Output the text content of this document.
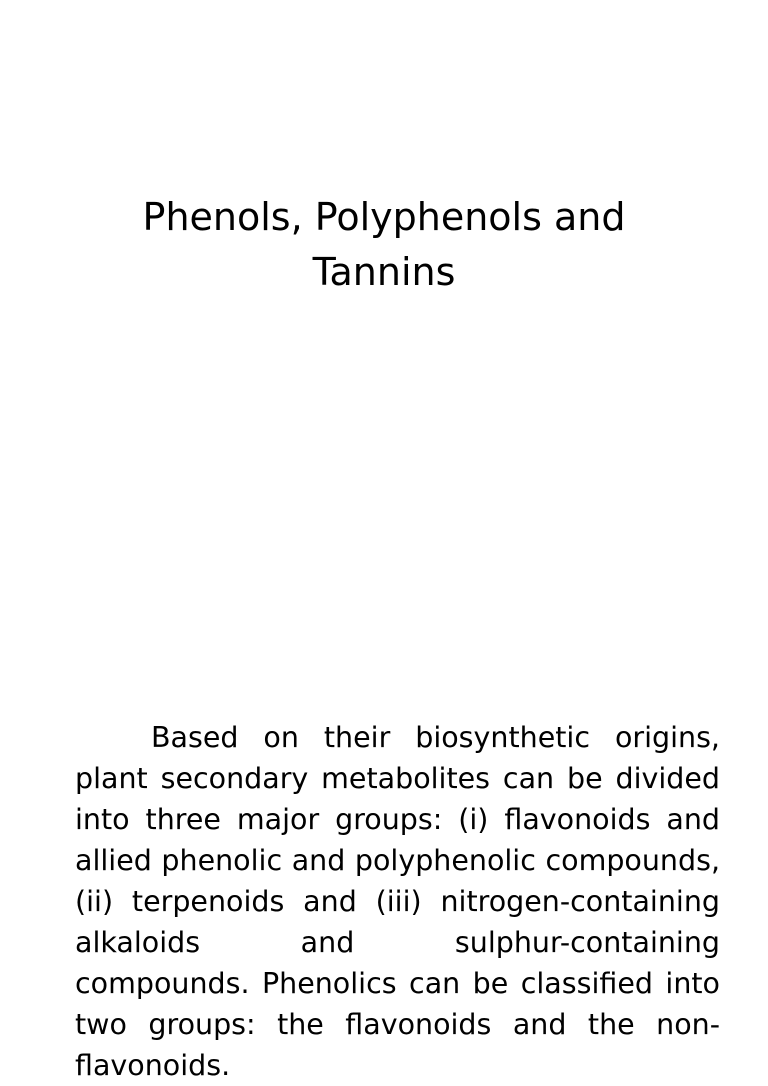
Phenols, Polyphenols and
Tannins

Based on their biosynthetic origins, plant secondary metabolites can be divided into three major groups: (i) flavonoids and allied phenolic and polyphenolic compounds, (ii) terpenoids and (iii) nitrogen-containing alkaloids and sulphur-containing compounds. Phenolics can be classified into two groups: the flavonoids and the non-flavonoids.
